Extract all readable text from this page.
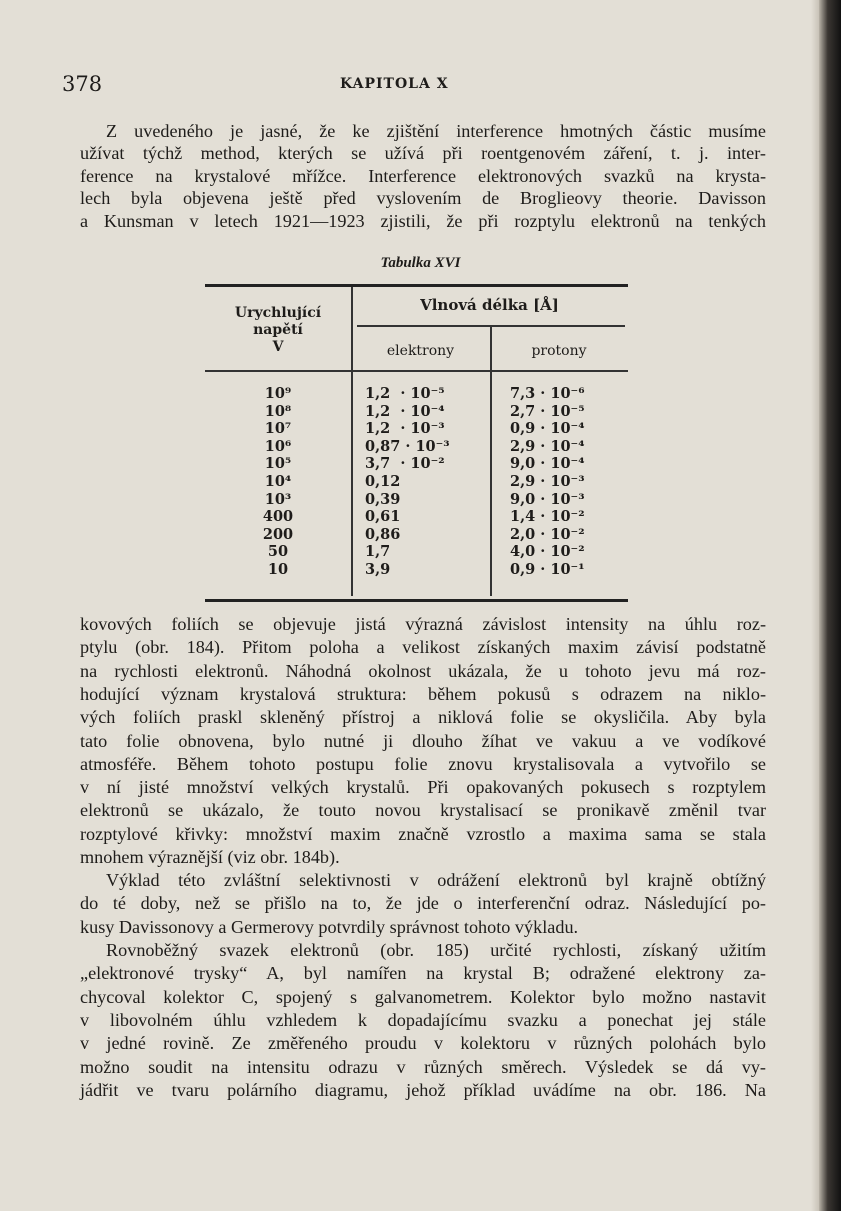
378	KAPITOLA X
Z uvedeného je jasné, že ke zjištění interference hmotných částic musíme
užívat týchž method, kterých se užívá při roentgenovém záření, t. j. inter-
ference na krystalové mřížce. Interference elektronových svazků na krysta-
lech byla objevena ještě před vyslovením de Broglieovy theorie. Davisson
a Kunsman v letech 1921—1923 zjistili, že při rozptylu elektronů na tenkých
kovových foliích se objevuje jistá výrazná závislost intensity na úhlu roz-
ptylu (obr. 184). Přitom poloha a velikost získaných maxim závisí podstatně
na rychlosti elektronů. Náhodná okolnost ukázala, že u tohoto jevu má roz-
hodující význam krystalová struktura: během pokusů s odrazem na niklo-
vých foliích praskl skleněný přístroj a niklová folie se okysličila. Aby byla
tato folie obnovena, bylo nutné ji dlouho žíhat ve vakuu a ve vodíkové
atmosféře. Během tohoto postupu folie znovu krystalisovala a vytvořilo se
v ní jisté množství velkých krystalů. Při opakovaných pokusech s rozptylem
elektronů se ukázalo, že touto novou krystalisací se pronikavě změnil tvar
rozptylové křivky: množství maxim značně vzrostlo a maxima sama se stala
mnohem výraznější (viz obr. 184b).
Výklad této zvláštní selektivnosti v odrážení elektronů byl krajně obtížný
do té doby, než se přišlo na to, že jde o interferenční odraz. Následující po-
kusy Davissonovy a Germerovy potvrdily správnost tohoto výkladu.
Rovnoběžný svazek elektronů (obr. 185) určité rychlosti, získaný užitím
„elektronové trysky“ A, byl namířen na krystal B; odražené elektrony za-
chycoval kolektor C, spojený s galvanometrem. Kolektor bylo možno nastavit
v libovolném úhlu vzhledem k dopadajícímu svazku a ponechat jej stále
v jedné rovině. Ze změřeného proudu v kolektoru v různých polohách bylo
možno soudit na intensitu odrazu v různých směrech. Výsledek se dá vy-
jádřit ve tvaru polárního diagramu, jehož příklad uvádíme na obr. 186. Na
Tabulka XVI
Urychlující
napětí
V
Vlnová délka [Å]
elektrony	protony
10⁹	1,2  · 10⁻⁵	7,3 · 10⁻⁶
10⁸	1,2  · 10⁻⁴	2,7 · 10⁻⁵
10⁷	1,2  · 10⁻³	0,9 · 10⁻⁴
10⁶	0,87 · 10⁻³	2,9 · 10⁻⁴
10⁵	3,7  · 10⁻²	9,0 · 10⁻⁴
10⁴	0,12	2,9 · 10⁻³
10³	0,39	9,0 · 10⁻³
400	0,61	1,4 · 10⁻²
200	0,86	2,0 · 10⁻²
50	1,7	4,0 · 10⁻²
10	3,9	0,9 · 10⁻¹
